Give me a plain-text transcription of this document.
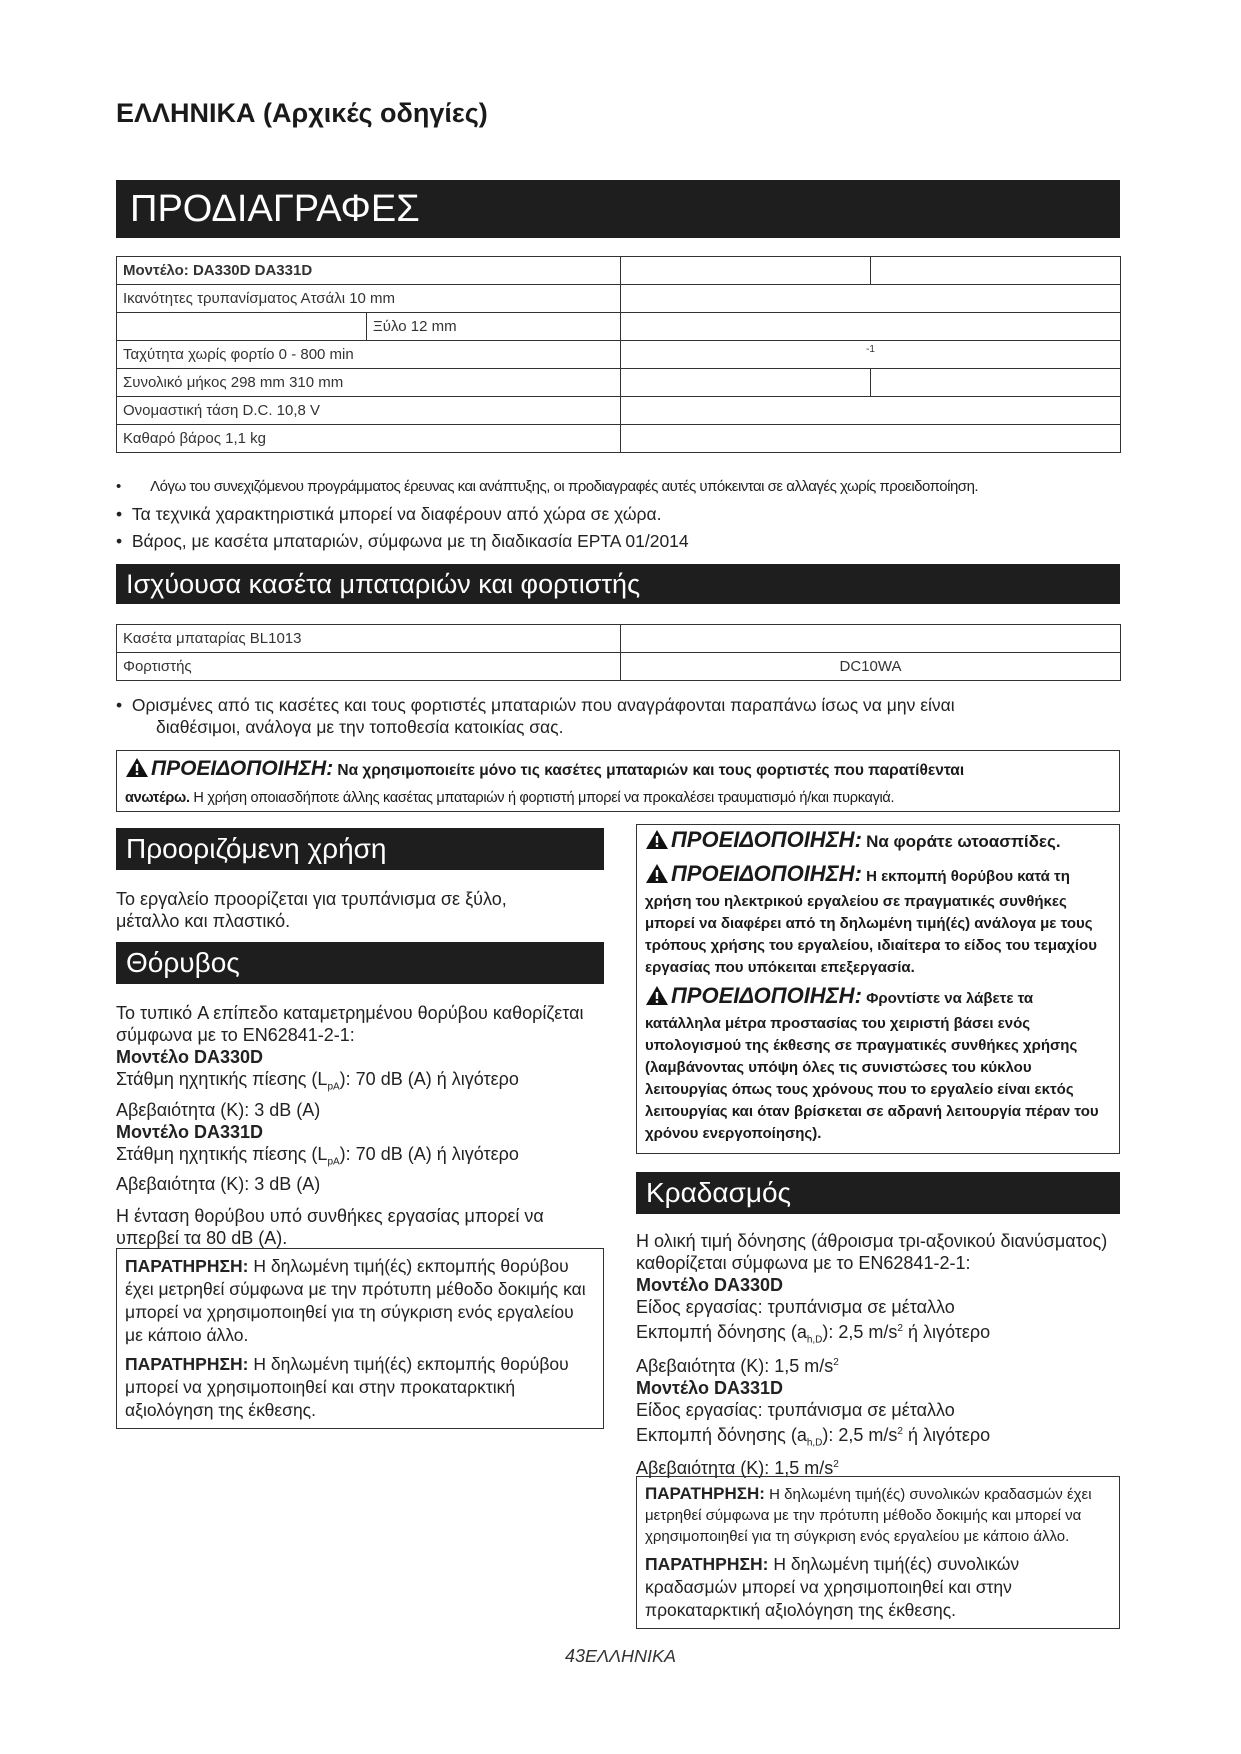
ΕΛΛΗΝΙΚΑ (Αρχικές οδηγίες)
ΠΡΟΔΙΑΓΡΑΦΕΣ
Μοντέλο: DA330D DA331D			
Ικανότητες τρυπανίσματος Ατσάλι 10 mm			
	Ξύλο 12 mm		
Ταχύτητα χωρίς φορτίο 0 - 800 min		-1	
Συνολικό μήκος 298 mm 310 mm			
Ονομαστική τάση D.C. 10,8 V			
Καθαρό βάρος 1,1 kg			
•        Λόγω του συνεχιζόμενου προγράμματος έρευνας και ανάπτυξης, οι προδιαγραφές αυτές υπόκεινται σε αλλαγές χωρίς προειδοποίηση.
•  Τα τεχνικά χαρακτηριστικά μπορεί να διαφέρουν από χώρα σε χώρα.
•  Βάρος, με κασέτα μπαταριών, σύμφωνα με τη διαδικασία EPTA 01/2014
Ισχύουσα κασέτα μπαταριών και φορτιστής
Κασέτα μπαταρίας BL1013	
Φορτιστής	DC10WA
•  Ορισμένες από τις κασέτες και τους φορτιστές μπαταριών που αναγράφονται παραπάνω ίσως να μην είναι
διαθέσιμοι, ανάλογα με την τοποθεσία κατοικίας σας.
ΠΡΟΕΙΔΟΠΟΙΗΣΗ: Να χρησιμοποιείτε μόνο τις κασέτες μπαταριών και τους φορτιστές που παρατίθενται
ανωτέρω. Η χρήση οποιασδήποτε άλλης κασέτας μπαταριών ή φορτιστή μπορεί να προκαλέσει τραυματισμό ή/και πυρκαγιά.
Προοριζόμενη χρήση
Το εργαλείο προορίζεται για τρυπάνισμα σε ξύλο, μέταλλο και πλαστικό.
Θόρυβος
Το τυπικό A επίπεδο καταμετρημένου θορύβου καθορίζεται σύμφωνα με το EN62841-2-1:
Μοντέλο DA330D
Στάθμη ηχητικής πίεσης $(L_{pA})$: 70 dB (A) ή λιγότερο
Αβεβαιότητα (K): 3 dB (A)
Μοντέλο DA331D
Στάθμη ηχητικής πίεσης $(L_{pA})$: 70 dB (A) ή λιγότερο
Αβεβαιότητα (K): 3 dB (A)
Η ένταση θορύβου υπό συνθήκες εργασίας μπορεί να υπερβεί τα 80 dB (A).

ΠΑΡΑΤΗΡΗΣΗ: Η δηλωμένη τιμή(ές) εκπομπής θορύβου έχει μετρηθεί σύμφωνα με την πρότυπη μέθοδο δοκιμής και μπορεί να χρησιμοποιηθεί για τη σύγκριση ενός εργαλείου με κάποιο άλλο.

ΠΑΡΑΤΗΡΗΣΗ: Η δηλωμένη τιμή(ές) εκπομπής θορύβου μπορεί να χρησιμοποιηθεί και στην προκαταρκτική αξιολόγηση της έκθεσης.

ΠΡΟΕΙΔΟΠΟΙΗΣΗ: Να φοράτε ωτοασπίδες.
ΠΡΟΕΙΔΟΠΟΙΗΣΗ: Η εκπομπή θορύβου κατά τη χρήση του ηλεκτρικού εργαλείου σε πραγματικές συνθήκες μπορεί να διαφέρει από τη δηλωμένη τιμή(ές) ανάλογα με τους τρόπους χρήσης του εργαλείου, ιδιαίτερα το είδος του τεμαχίου εργασίας που υπόκειται επεξεργασία.
ΠΡΟΕΙΔΟΠΟΙΗΣΗ: Φροντίστε να λάβετε τα κατάλληλα μέτρα προστασίας του χειριστή βάσει ενός υπολογισμού της έκθεσης σε πραγματικές συνθήκες χρήσης (λαμβάνοντας υπόψη όλες τις συνιστώσες του κύκλου λειτουργίας όπως τους χρόνους που το εργαλείο είναι εκτός λειτουργίας και όταν βρίσκεται σε αδρανή λειτουργία πέραν του χρόνου ενεργοποίησης).
Κραδασμός
Η ολική τιμή δόνησης (άθροισμα τρι-αξονικού διανύσματος) καθορίζεται σύμφωνα με το EN62841-2-1:
Μοντέλο DA330D
Είδος εργασίας: τρυπάνισμα σε μέταλλο
Εκπομπή δόνησης $(a_{h,D})$: 2,5 $m/s^2$ ή λιγότερο
Αβεβαιότητα (K): 1,5 $m/s^2$
Μοντέλο DA331D
Είδος εργασίας: τρυπάνισμα σε μέταλλο
Εκπομπή δόνησης $(a_{h,D})$: 2,5 $m/s^2$ ή λιγότερο
Αβεβαιότητα (K): 1,5 $m/s^2$

ΠΑΡΑΤΗΡΗΣΗ: Η δηλωμένη τιμή(ές) συνολικών κραδασμών έχει μετρηθεί σύμφωνα με την πρότυπη μέθοδο δοκιμής και μπορεί να χρησιμοποιηθεί για τη σύγκριση ενός εργαλείου με κάποιο άλλο.

ΠΑΡΑΤΗΡΗΣΗ: Η δηλωμένη τιμή(ές) συνολικών κραδασμών μπορεί να χρησιμοποιηθεί και στην προκαταρκτική αξιολόγηση της έκθεσης.

43ΕΛΛΗΝΙΚΑ
